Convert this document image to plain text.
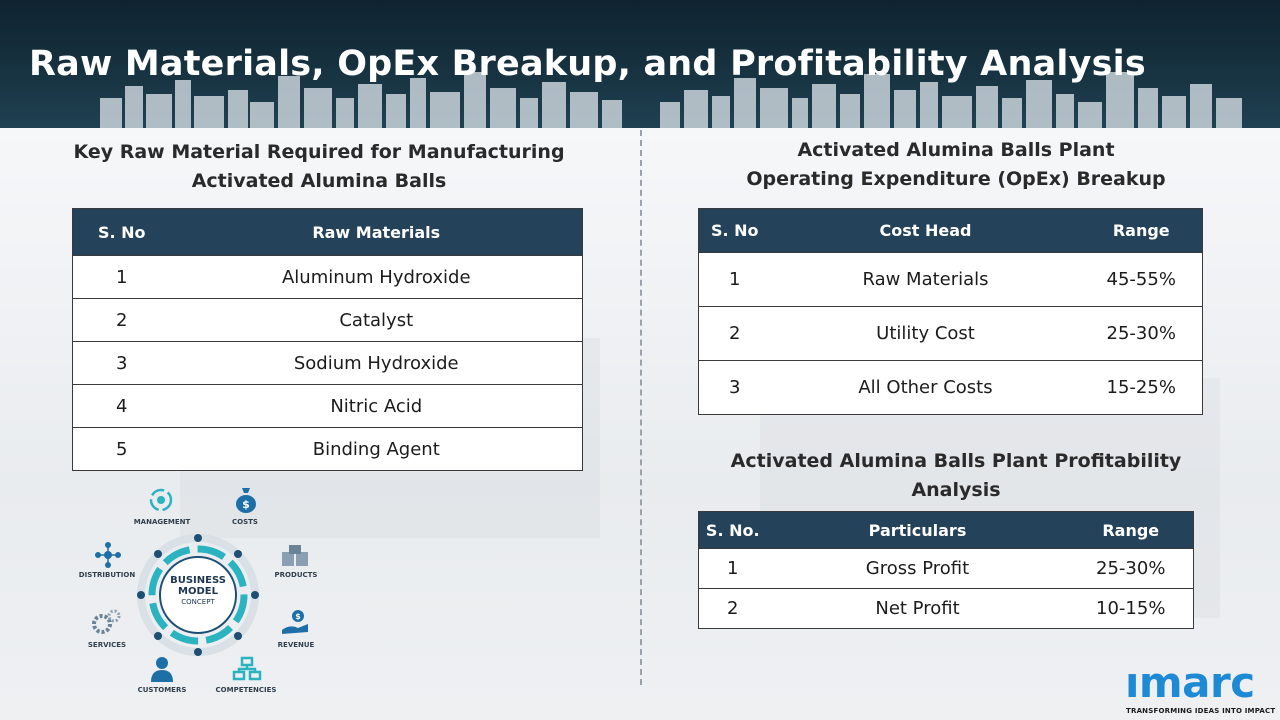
Raw Materials, OpEx Breakup, and Profitability Analysis
Key Raw Material Required for Manufacturing
Activated Alumina Balls
S. No	Raw Materials
1	Aluminum Hydroxide
2	Catalyst
3	Sodium Hydroxide
4	Nitric Acid
5	Binding Agent
BUSINESS
MODEL
CONCEPT
MANAGEMENT
$
COSTS
DISTRIBUTION	PRODUCTS
SERVICES
$
REVENUE
CUSTOMERS	COMPETENCIES
Activated Alumina Balls Plant
Operating Expenditure (OpEx) Breakup
S. No	Cost Head	Range
1	Raw Materials	45-55%
2	Utility Cost	25-30%
3	All Other Costs	15-25%
Activated Alumina Balls Plant Profitability
Analysis
S. No.	Particulars	Range
1	Gross Profit	25-30%
2	Net Profit	10-15%
ımarc
TRANSFORMING IDEAS INTO IMPACT
